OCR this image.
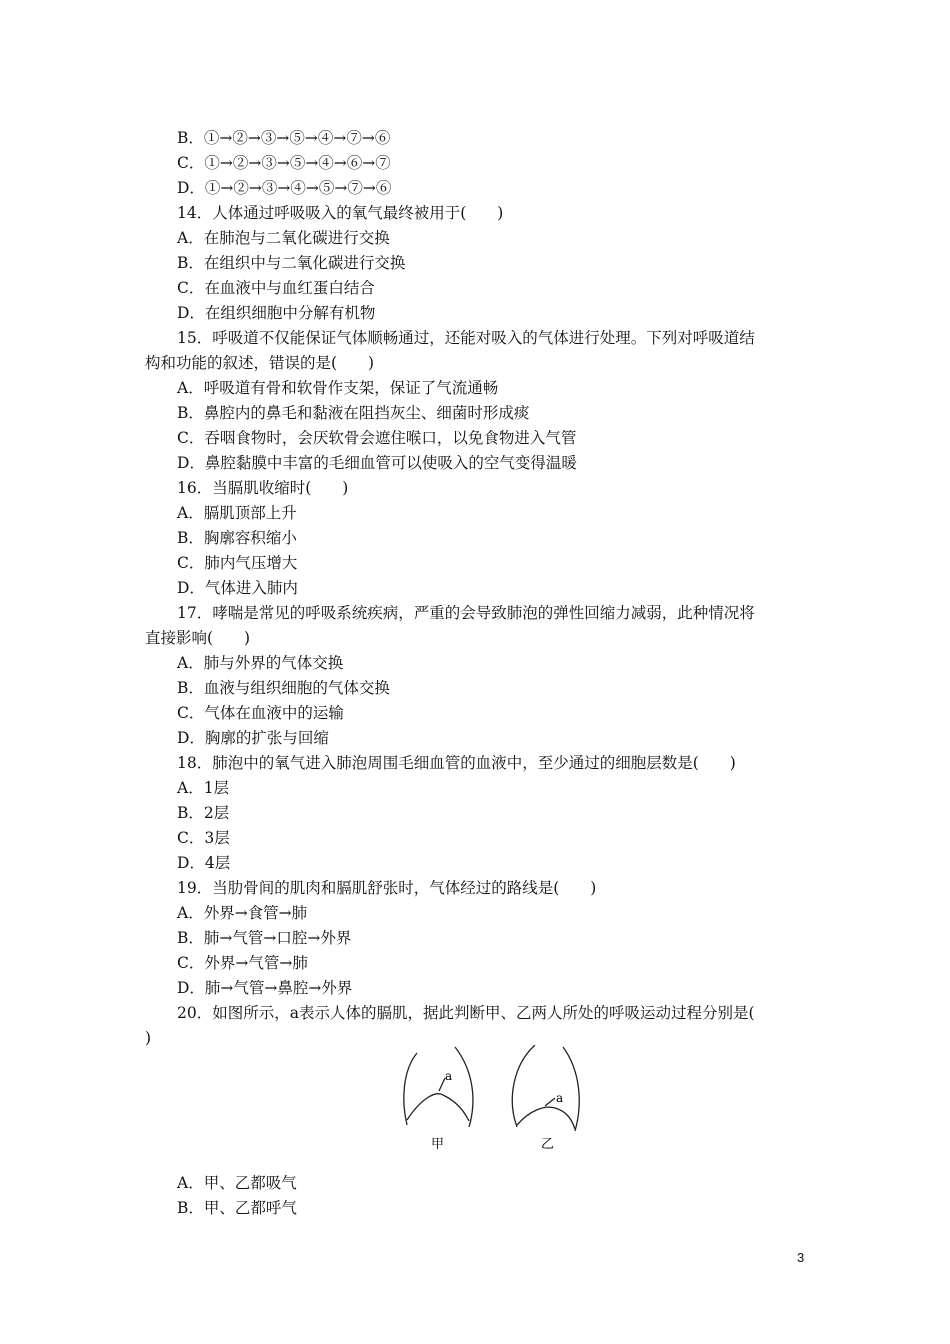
B．①→②→③→⑤→④→⑦→⑥
C．①→②→③→⑤→④→⑥→⑦
D．①→②→③→④→⑤→⑦→⑥
14．人体通过呼吸吸入的氧气最终被用于(　　)
A．在肺泡与二氧化碳进行交换
B．在组织中与二氧化碳进行交换
C．在血液中与血红蛋白结合
D．在组织细胞中分解有机物
15．呼吸道不仅能保证气体顺畅通过，还能对吸入的气体进行处理。下列对呼吸道结
构和功能的叙述，错误的是(　　)
A．呼吸道有骨和软骨作支架，保证了气流通畅
B．鼻腔内的鼻毛和黏液在阻挡灰尘、细菌时形成痰
C．吞咽食物时，会厌软骨会遮住喉口，以免食物进入气管
D．鼻腔黏膜中丰富的毛细血管可以使吸入的空气变得温暖
16．当膈肌收缩时(　　)
A．膈肌顶部上升
B．胸廓容积缩小
C．肺内气压增大
D．气体进入肺内
17．哮喘是常见的呼吸系统疾病，严重的会导致肺泡的弹性回缩力减弱，此种情况将
直接影响(　　)
A．肺与外界的气体交换
B．血液与组织细胞的气体交换
C．气体在血液中的运输
D．胸廓的扩张与回缩
18．肺泡中的氧气进入肺泡周围毛细血管的血液中，至少通过的细胞层数是(　　)
A．1层
B．2层
C．3层
D．4层
19．当肋骨间的肌肉和膈肌舒张时，气体经过的路线是(　　)
A．外界→食管→肺
B．肺→气管→口腔→外界
C．外界→气管→肺
D．肺→气管→鼻腔→外界
20．如图所示，a表示人体的膈肌，据此判断甲、乙两人所处的呼吸运动过程分别是(
)
a
甲
a
乙
A．甲、乙都吸气
B．甲、乙都呼气
3
